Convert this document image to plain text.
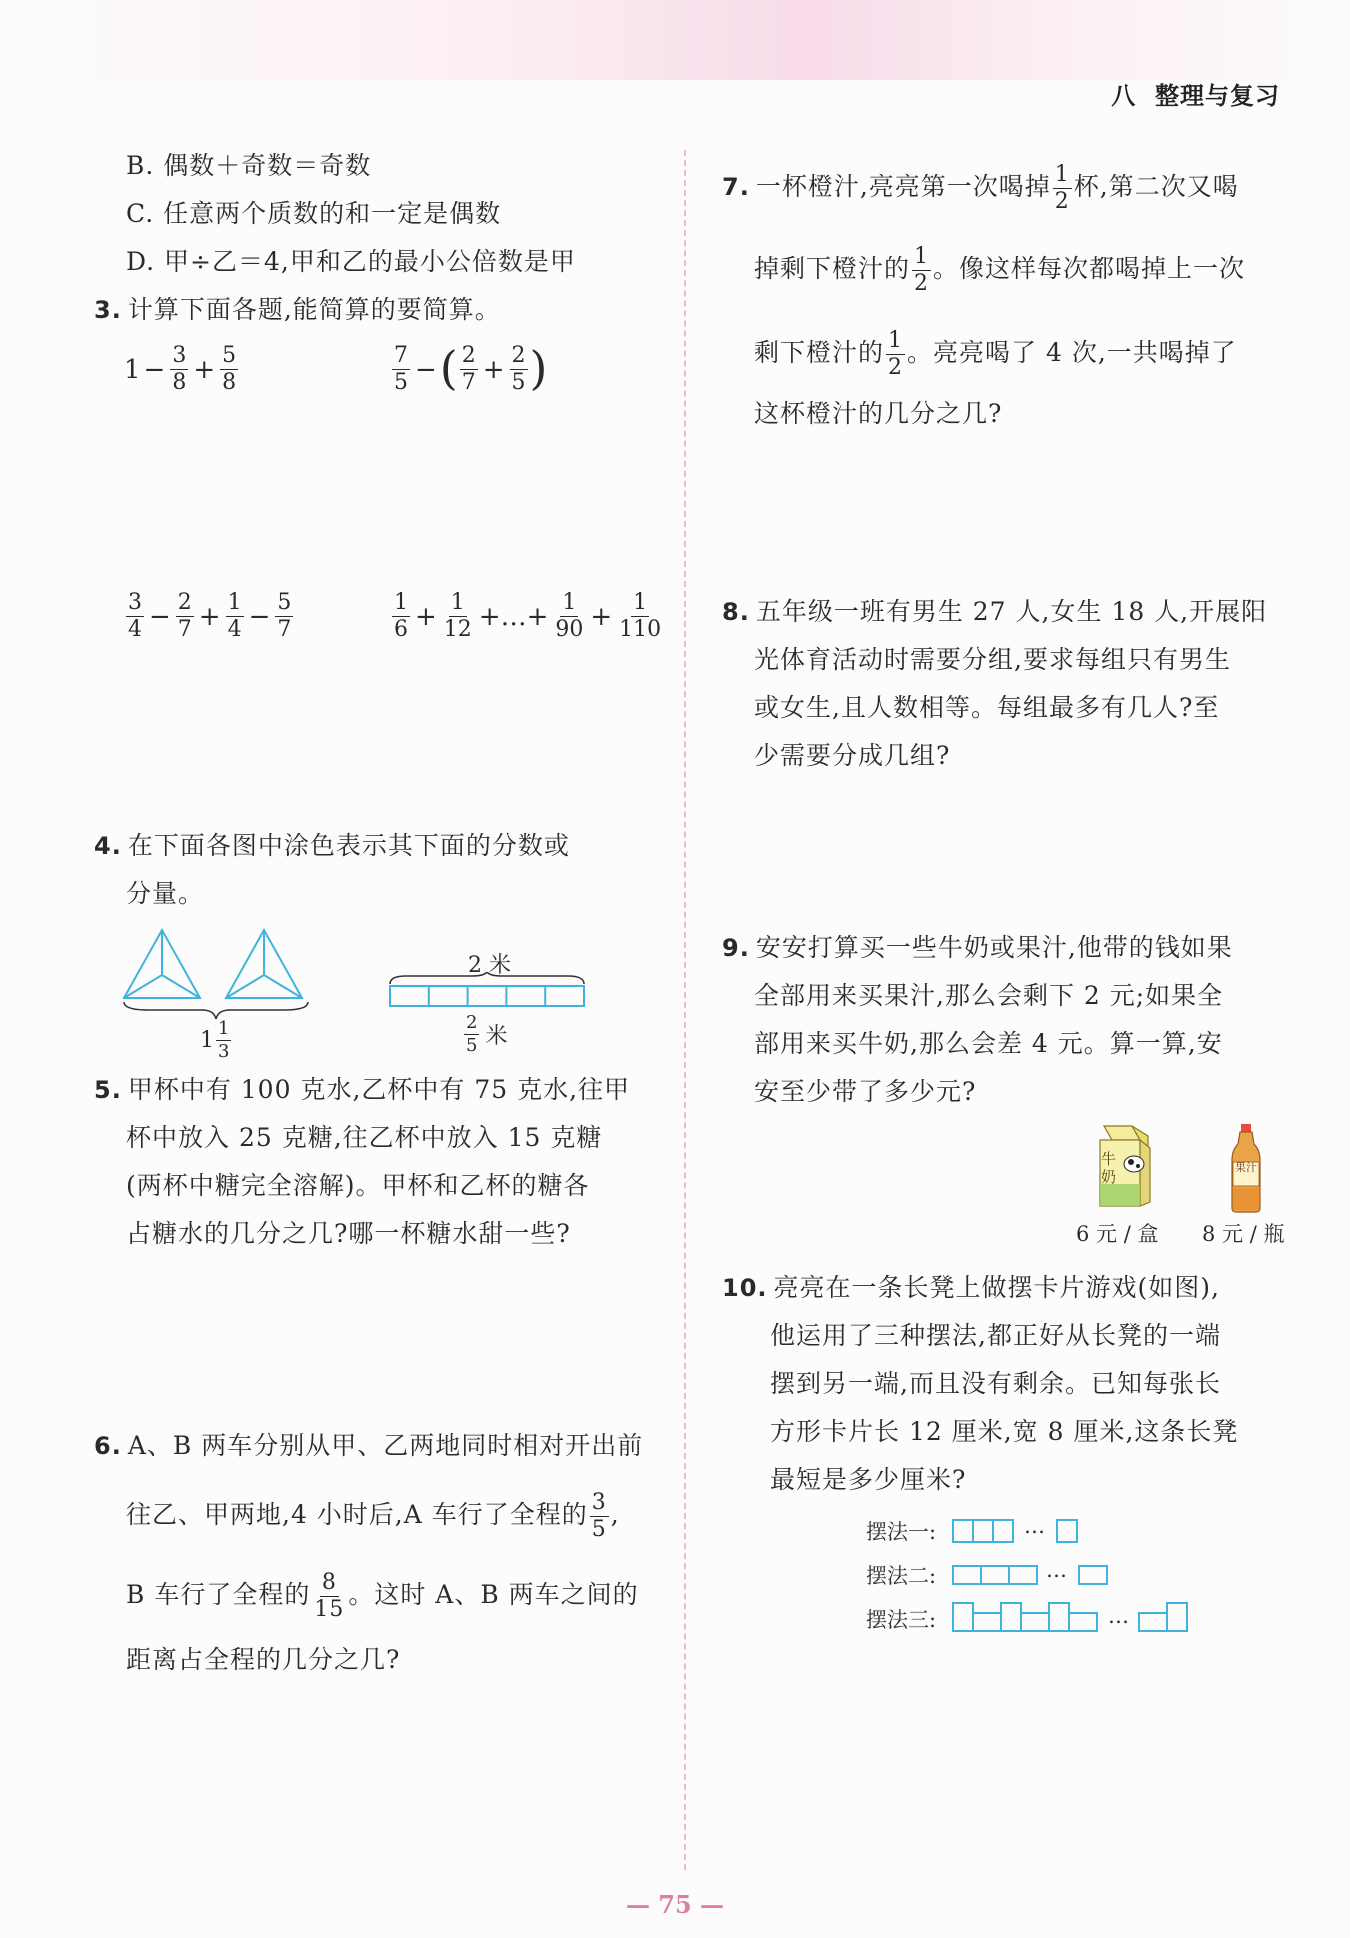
八 整理与复习
B. 偶数＋奇数＝奇数
C. 任意两个质数的和一定是偶数
D. 甲÷乙＝4,甲和乙的最小公倍数是甲
3. 计算下面各题,能简算的要简算。
$1 - \frac{3}{8} + \frac{5}{8}$	$\frac{7}{5}$ − ( $\frac{2}{7} + \frac{2}{5}$ )
$\frac{3}{4} - \frac{2}{7} + \frac{1}{4} - \frac{5}{7}$	$\frac{1}{6} + \frac{1}{12}$ +…+ $\frac{1}{90} + \frac{1}{110}$
4. 在下面各图中涂色表示其下面的分数或
分量。
$1 \frac{1}{3}$
2 米
$\frac{2}{5}$ 米
5. 甲杯中有 100 克水,乙杯中有 75 克水,往甲
杯中放入 25 克糖,往乙杯中放入 15 克糖
(两杯中糖完全溶解)。甲杯和乙杯的糖各
占糖水的几分之几?哪一杯糖水甜一些?
6. A、B 两车分别从甲、乙两地同时相对开出前
往乙、甲两地,4 小时后,A 车行了全程的 $\frac{3}{5}$ ,
B 车行了全程的 $\frac{8}{15}$ 。这时 A、B 两车之间的
距离占全程的几分之几?
7. 一杯橙汁,亮亮第一次喝掉 $\frac{1}{2}$ 杯,第二次又喝
掉剩下橙汁的 $\frac{1}{2}$ 。像这样每次都喝掉上一次
剩下橙汁的 $\frac{1}{2}$ 。亮亮喝了 4 次,一共喝掉了
这杯橙汁的几分之几?
8. 五年级一班有男生 27 人,女生 18 人,开展阳
光体育活动时需要分组,要求每组只有男生
或女生,且人数相等。每组最多有几人?至
少需要分成几组?
9. 安安打算买一些牛奶或果汁,他带的钱如果
全部用来买果汁,那么会剩下 2 元;如果全
部用来买牛奶,那么会差 4 元。算一算,安
安至少带了多少元?
牛奶
果汁
6 元 / 盒 8 元 / 瓶
10. 亮亮在一条长凳上做摆卡片游戏(如图),
他运用了三种摆法,都正好从长凳的一端
摆到另一端,而且没有剩余。已知每张长
方形卡片长 12 厘米,宽 8 厘米,这条长凳
最短是多少厘米?
摆法一:	…
摆法二:	…
摆法三:	…
— 75 —
